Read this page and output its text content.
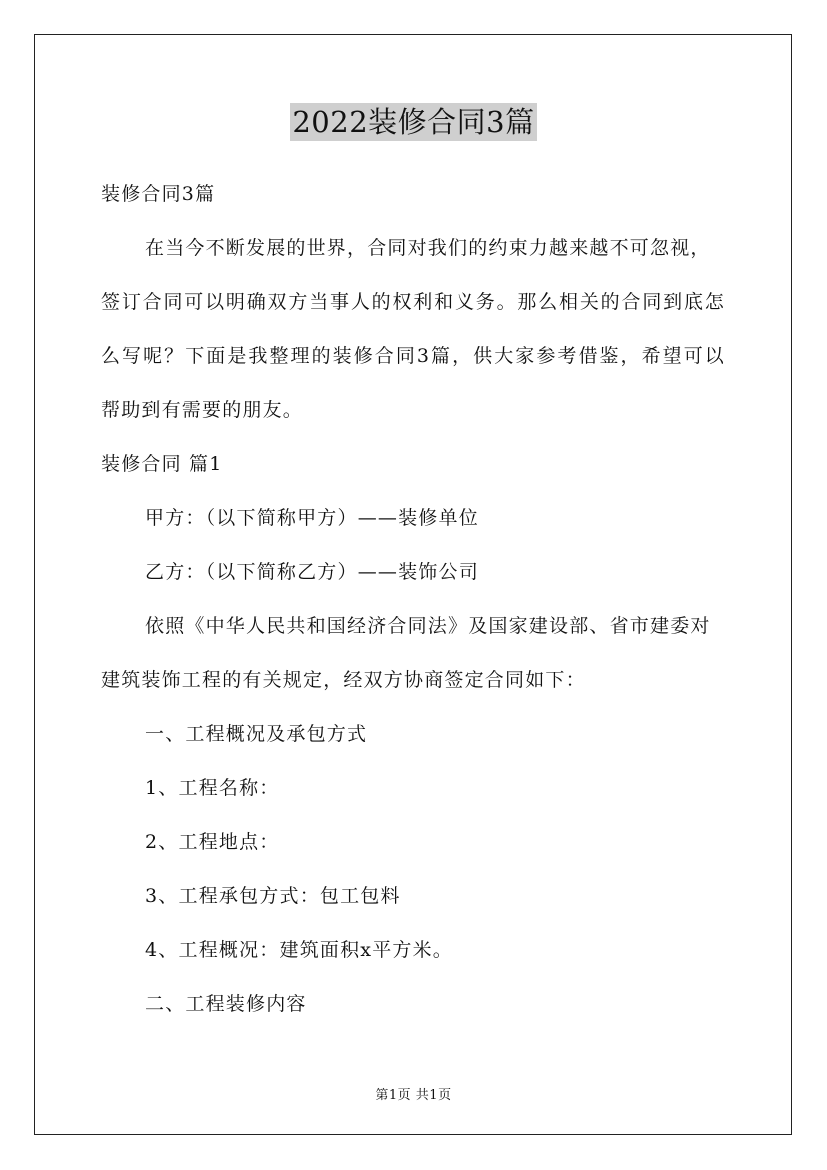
2022装修合同3篇
装修合同3篇
在当今不断发展的世界，合同对我们的约束力越来越不可忽视，
签订合同可以明确双方当事人的权利和义务。那么相关的合同到底怎
么写呢？下面是我整理的装修合同3篇，供大家参考借鉴，希望可以
帮助到有需要的朋友。
装修合同 篇1
甲方：（以下简称甲方）——装修单位
乙方：（以下简称乙方）——装饰公司
依照《中华人民共和国经济合同法》及国家建设部、省市建委对
建筑装饰工程的有关规定，经双方协商签定合同如下：
一、工程概况及承包方式
1、工程名称：
2、工程地点：
3、工程承包方式：包工包料
4、工程概况：建筑面积x平方米。
二、工程装修内容
第1页 共1页
